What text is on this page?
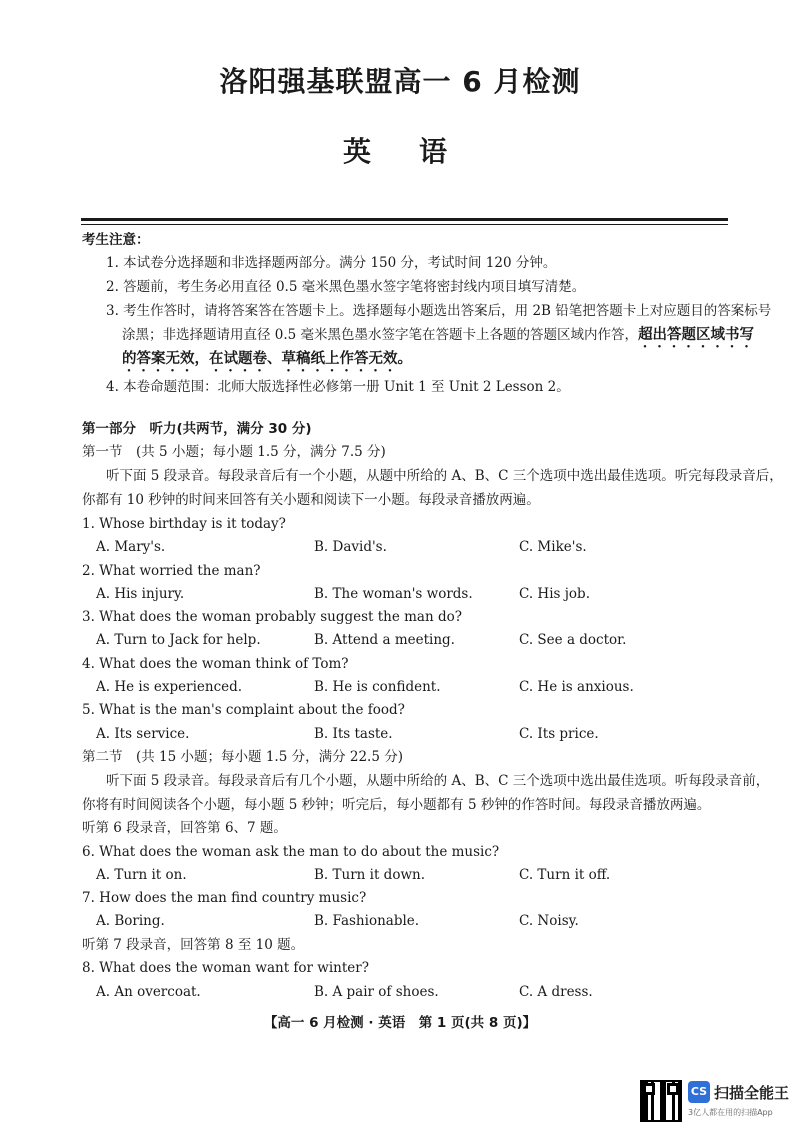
洛阳强基联盟高一 6 月检测
英　语
考生注意：
1. 本试卷分选择题和非选择题两部分。满分 150 分，考试时间 120 分钟。
2. 答题前，考生务必用直径 0.5 毫米黑色墨水签字笔将密封线内项目填写清楚。
3. 考生作答时，请将答案答在答题卡上。选择题每小题选出答案后，用 2B 铅笔把答题卡上对应题目的答案标号
涂黑；非选择题请用直径 0.5 毫米黑色墨水签字笔在答题卡上各题的答题区域内作答，超出答题区域书写
的答案无效，在试题卷、草稿纸上作答无效。
4. 本卷命题范围：北师大版选择性必修第一册 Unit 1 至 Unit 2 Lesson 2。
第一部分　听力(共两节，满分 30 分)
第一节　(共 5 小题；每小题 1.5 分，满分 7.5 分)
听下面 5 段录音。每段录音后有一个小题，从题中所给的 A、B、C 三个选项中选出最佳选项。听完每段录音后，
你都有 10 秒钟的时间来回答有关小题和阅读下一小题。每段录音播放两遍。
1. Whose birthday is it today?
A. Mary's.	B. David's.	C. Mike's.
2. What worried the man?
A. His injury.	B. The woman's words.	C. His job.
3. What does the woman probably suggest the man do?
A. Turn to Jack for help.	B. Attend a meeting.	C. See a doctor.
4. What does the woman think of Tom?
A. He is experienced.	B. He is confident.	C. He is anxious.
5. What is the man's complaint about the food?
A. Its service.	B. Its taste.	C. Its price.
第二节　(共 15 小题；每小题 1.5 分，满分 22.5 分)
听下面 5 段录音。每段录音后有几个小题，从题中所给的 A、B、C 三个选项中选出最佳选项。听每段录音前，
你将有时间阅读各个小题，每小题 5 秒钟；听完后，每小题都有 5 秒钟的作答时间。每段录音播放两遍。
听第 6 段录音，回答第 6、7 题。
6. What does the woman ask the man to do about the music?
A. Turn it on.	B. Turn it down.	C. Turn it off.
7. How does the man find country music?
A. Boring.	B. Fashionable.	C. Noisy.
听第 7 段录音，回答第 8 至 10 题。
8. What does the woman want for winter?
A. An overcoat.	B. A pair of shoes.	C. A dress.
【高一 6 月检测 · 英语　第 1 页(共 8 页)】
CS 扫描全能王
3亿人都在用的扫描App
